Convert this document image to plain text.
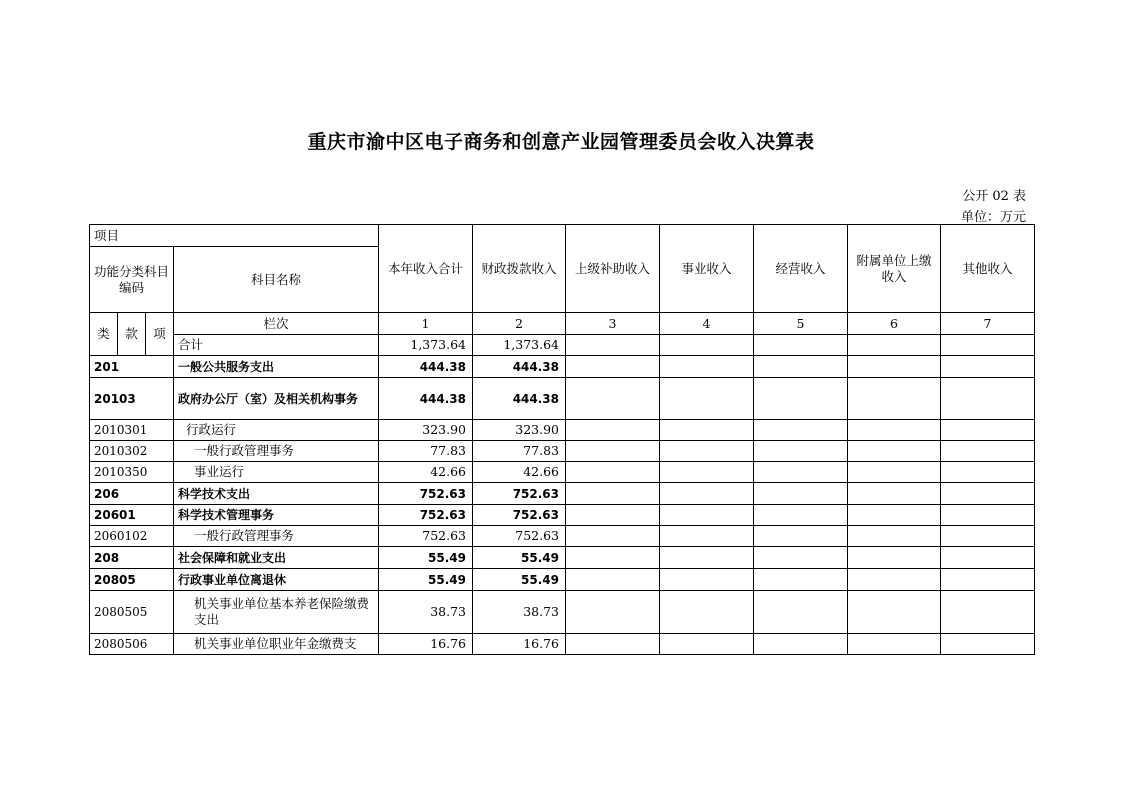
重庆市渝中区电子商务和创意产业园管理委员会收入决算表
公开 02 表
单位：万元
项目				本年收入合计	财政拨款收入	上级补助收入	事业收入	经营收入	附属单位上缴收入	其他收入
功能分类科目编码			科目名称							
类	款	项	栏次	1	2	3	4	5	6	7
			合计	1,373.64	1,373.64					
201			一般公共服务支出	444.38	444.38					
20103			政府办公厅（室）及相关机构事务	444.38	444.38					
2010301			行政运行	323.90	323.90					
2010302			一般行政管理事务	77.83	77.83					
2010350			事业运行	42.66	42.66					
206			科学技术支出	752.63	752.63					
20601			科学技术管理事务	752.63	752.63					
2060102			一般行政管理事务	752.63	752.63					
208			社会保障和就业支出	55.49	55.49					
20805			行政事业单位离退休	55.49	55.49					
2080505			机关事业单位基本养老保险缴费支出	38.73	38.73					
2080506			机关事业单位职业年金缴费支	16.76	16.76					
